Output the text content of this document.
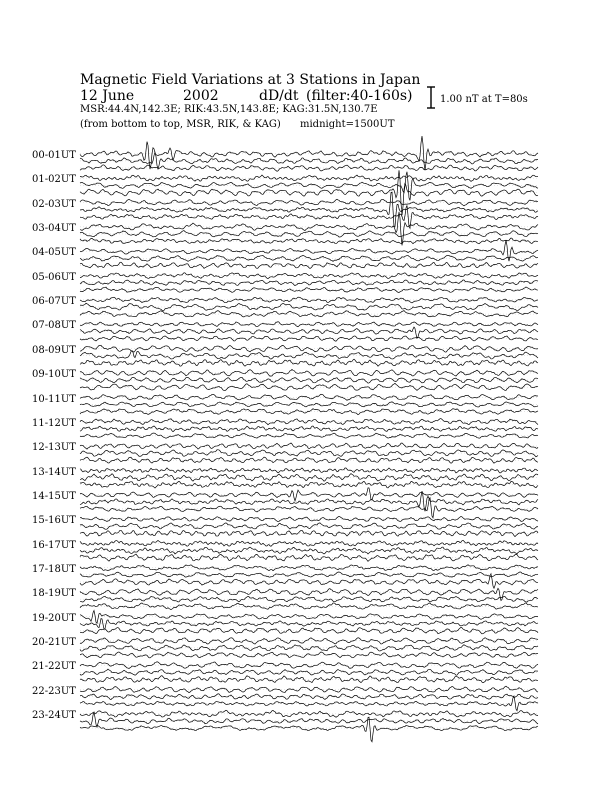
Magnetic Field Variations at 3 Stations in Japan
12 June	2002	dD/dt (filter:40-160s)
MSR:44.4N,142.3E; RIK:43.5N,143.8E; KAG:31.5N,130.7E
(from bottom to top, MSR, RIK, & KAG) midnight=1500UT
1.00 nT at T=80s
00-01UT
01-02UT
02-03UT
03-04UT
04-05UT
05-06UT
06-07UT
07-08UT
08-09UT
09-10UT
10-11UT
11-12UT
12-13UT
13-14UT
14-15UT
15-16UT
16-17UT
17-18UT
18-19UT
19-20UT
20-21UT
21-22UT
22-23UT
23-24UT
